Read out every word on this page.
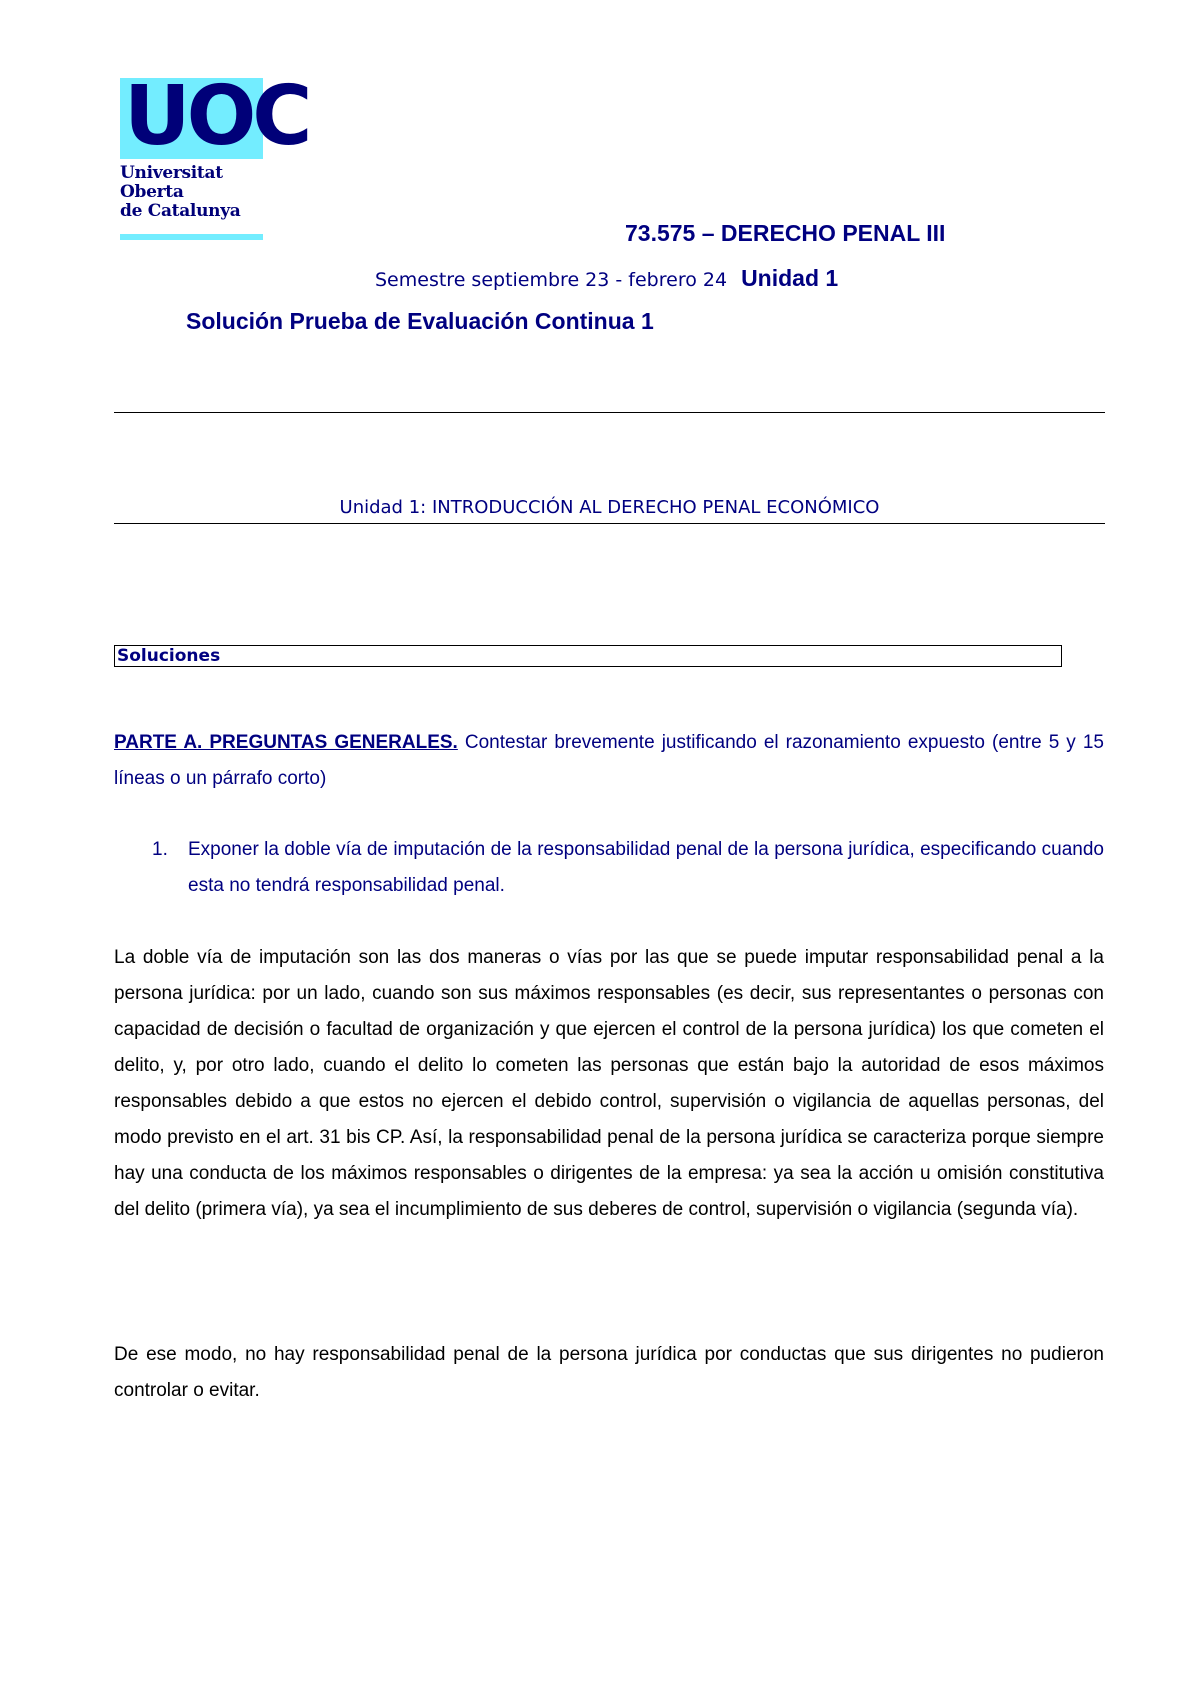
UOC
Universitat
Oberta
de Catalunya
73.575 – DERECHO PENAL III
Semestre septiembre 23 - febrero 24 Unidad 1
Solución Prueba de Evaluación Continua 1
Unidad 1: INTRODUCCIÓN AL DERECHO PENAL ECONÓMICO
Soluciones
PARTE A. PREGUNTAS GENERALES. Contestar brevemente justificando el razonamiento expuesto (entre 5 y 15 líneas o un párrafo corto)
1. Exponer la doble vía de imputación de la responsabilidad penal de la persona jurídica, especificando cuando esta no tendrá responsabilidad penal.
La doble vía de imputación son las dos maneras o vías por las que se puede imputar responsabilidad penal a la persona jurídica: por un lado, cuando son sus máximos responsables (es decir, sus representantes o personas con capacidad de decisión o facultad de organización y que ejercen el control de la persona jurídica) los que cometen el delito, y, por otro lado, cuando el delito lo cometen las personas que están bajo la autoridad de esos máximos responsables debido a que estos no ejercen el debido control, supervisión o vigilancia de aquellas personas, del modo previsto en el art. 31 bis CP. Así, la responsabilidad penal de la persona jurídica se caracteriza porque siempre hay una conducta de los máximos responsables o dirigentes de la empresa: ya sea la acción u omisión constitutiva del delito (primera vía), ya sea el incumplimiento de sus deberes de control, supervisión o vigilancia (segunda vía).
De ese modo, no hay responsabilidad penal de la persona jurídica por conductas que sus dirigentes no pudieron controlar o evitar.
